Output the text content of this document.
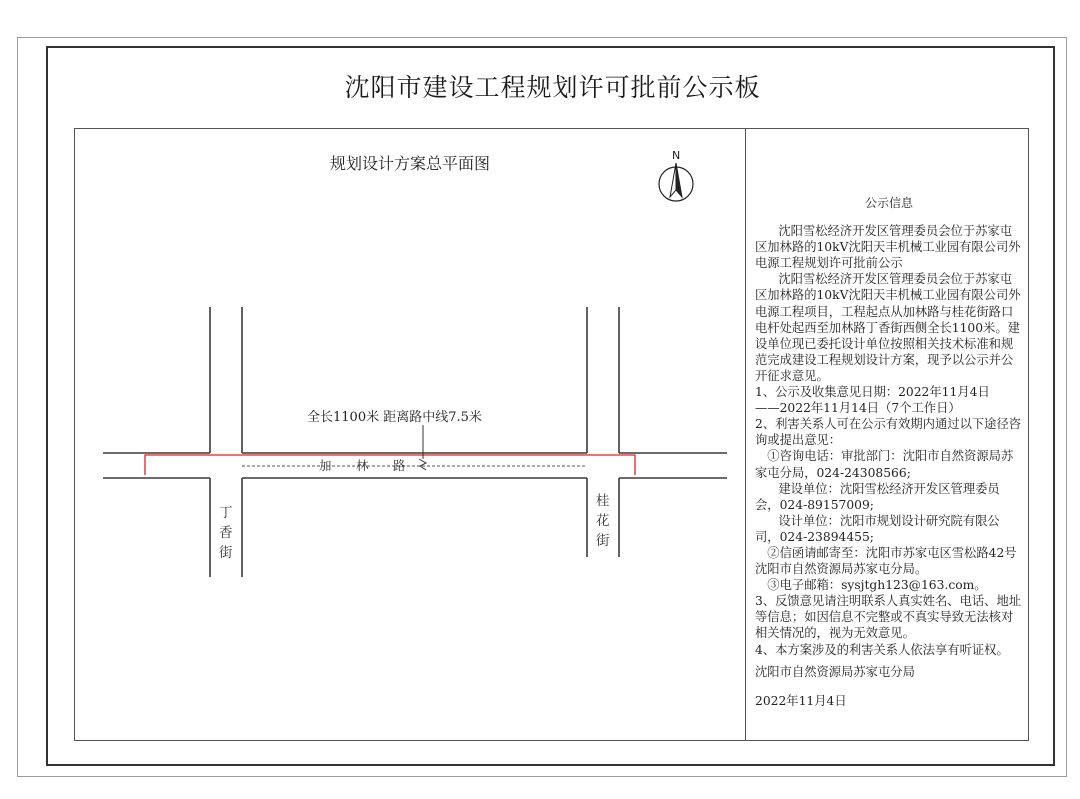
沈阳市建设工程规划许可批前公示板
规划设计方案总平面图
全长1100米 距离路中线7.5米
加 林 路
丁
香
街
桂
花
街
N
公示信息

沈阳雪松经济开发区管理委员会位于苏家屯区加林路的10kV沈阳天丰机械工业园有限公司外电源工程规划许可批前公示

沈阳雪松经济开发区管理委员会位于苏家屯区加林路的10kV沈阳天丰机械工业园有限公司外电源工程项目，工程起点从加林路与桂花街路口电杆处起西至加林路丁香街西侧全长1100米。建设单位现已委托设计单位按照相关技术标准和规范完成建设工程规划设计方案，现予以公示并公开征求意见。

1、公示及收集意见日期：2022年11月4日

——2022年11月14日（7个工作日）

2、利害关系人可在公示有效期内通过以下途径咨询或提出意见：

①咨询电话：审批部门：沈阳市自然资源局苏家屯分局，024-24308566;

建设单位：沈阳雪松经济开发区管理委员会，024-89157009;

设计单位：沈阳市规划设计研究院有限公司，024-23894455;

②信函请邮寄至：沈阳市苏家屯区雪松路42号沈阳市自然资源局苏家屯分局。

③电子邮箱：sysjtgh123@163.com。

3、反馈意见请注明联系人真实姓名、电话、地址等信息；如因信息不完整或不真实导致无法核对相关情况的，视为无效意见。

4、本方案涉及的利害关系人依法享有听证权。

沈阳市自然资源局苏家屯分局
2022年11月4日
